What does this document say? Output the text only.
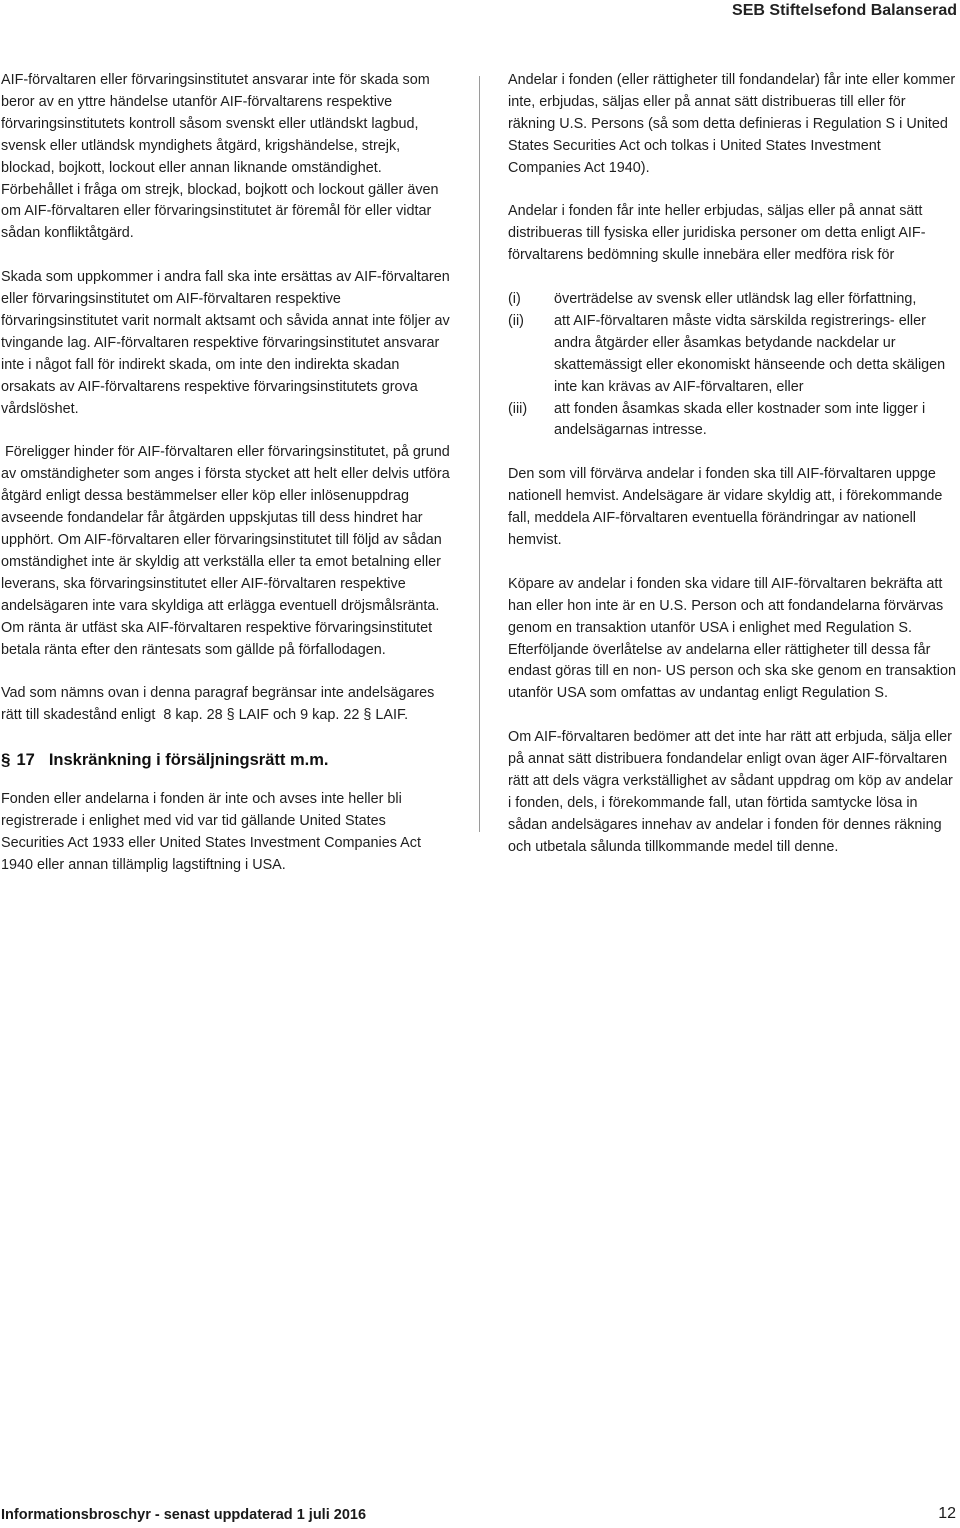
SEB Stiftelsefond Balanserad

AIF-förvaltaren eller förvaringsinstitutet ansvarar inte för skada som beror av en yttre händelse utanför AIF-förvaltarens respektive förvaringsinstitutets kontroll såsom svenskt eller utländskt lagbud, svensk eller utländsk myndighets åtgärd, krigshändelse, strejk, blockad, bojkott, lockout eller annan liknande omständighet. Förbehållet i fråga om strejk, blockad, bojkott och lockout gäller även om AIF-förvaltaren eller förvaringsinstitutet är föremål för eller vidtar sådan konfliktåtgärd.

Skada som uppkommer i andra fall ska inte ersättas av AIF-förvaltaren eller förvaringsinstitutet om AIF-förvaltaren respektive förvaringsinstitutet varit normalt aktsamt och såvida annat inte följer av tvingande lag. AIF-förvaltaren respektive förvaringsinstitutet ansvarar inte i något fall för indirekt skada, om inte den indirekta skadan orsakats av AIF-förvaltarens respektive förvaringsinstitutets grova vårdslöshet.

Föreligger hinder för AIF-förvaltaren eller förvaringsinstitutet, på grund av omständigheter som anges i första stycket att helt eller delvis utföra åtgärd enligt dessa bestämmelser eller köp eller inlösenuppdrag avseende fondandelar får åtgärden uppskjutas till dess hindret har upphört. Om AIF-förvaltaren eller förvaringsinstitutet till följd av sådan omständighet inte är skyldig att verkställa eller ta emot betalning eller leverans, ska förvaringsinstitutet eller AIF-förvaltaren respektive andelsägaren inte vara skyldiga att erlägga eventuell dröjsmålsränta. Om ränta är utfäst ska AIF-förvaltaren respektive förvaringsinstitutet betala ränta efter den räntesats som gällde på förfallodagen.

Vad som nämns ovan i denna paragraf begränsar inte andelsägares rätt till skadestånd enligt  8 kap. 28 § LAIF och 9 kap. 22 § LAIF.

§ 17 Inskränkning i försäljningsrätt m.m.

Fonden eller andelarna i fonden är inte och avses inte heller bli registrerade i enlighet med vid var tid gällande United States Securities Act 1933 eller United States Investment Companies Act 1940 eller annan tillämplig lagstiftning i USA.

Andelar i fonden (eller rättigheter till fondandelar) får inte eller kommer inte, erbjudas, säljas eller på annat sätt distribueras till eller för räkning U.S. Persons (så som detta definieras i Regulation S i United States Securities Act och tolkas i United States Investment Companies Act 1940).

Andelar i fonden får inte heller erbjudas, säljas eller på annat sätt distribueras till fysiska eller juridiska personer om detta enligt AIF-förvaltarens bedömning skulle innebära eller medföra risk för

(i)	överträdelse av svensk eller utländsk lag eller författning,
(ii)	att AIF-förvaltaren måste vidta särskilda registrerings- eller andra åtgärder eller åsamkas betydande nackdelar ur skattemässigt eller ekonomiskt hänseende och detta skäligen inte kan krävas av AIF-förvaltaren, eller
(iii)	att fonden åsamkas skada eller kostnader som inte ligger i andelsägarnas intresse.

Den som vill förvärva andelar i fonden ska till AIF-förvaltaren uppge nationell hemvist. Andelsägare är vidare skyldig att, i förekommande fall, meddela AIF-förvaltaren eventuella förändringar av nationell hemvist.

Köpare av andelar i fonden ska vidare till AIF-förvaltaren bekräfta att han eller hon inte är en U.S. Person och att fondandelarna förvärvas genom en transaktion utanför USA i enlighet med Regulation S. Efterföljande överlåtelse av andelarna eller rättigheter till dessa får endast göras till en non- US person och ska ske genom en transaktion utanför USA som omfattas av undantag enligt Regulation S.

Om AIF-förvaltaren bedömer att det inte har rätt att erbjuda, sälja eller på annat sätt distribuera fondandelar enligt ovan äger AIF-förvaltaren rätt att dels vägra verkställighet av sådant uppdrag om köp av andelar i fonden, dels, i förekommande fall, utan förtida samtycke lösa in sådan andelsägares innehav av andelar i fonden för dennes räkning och utbetala sålunda tillkommande medel till denne.

Informationsbroschyr - senast uppdaterad 1 juli 2016	12
